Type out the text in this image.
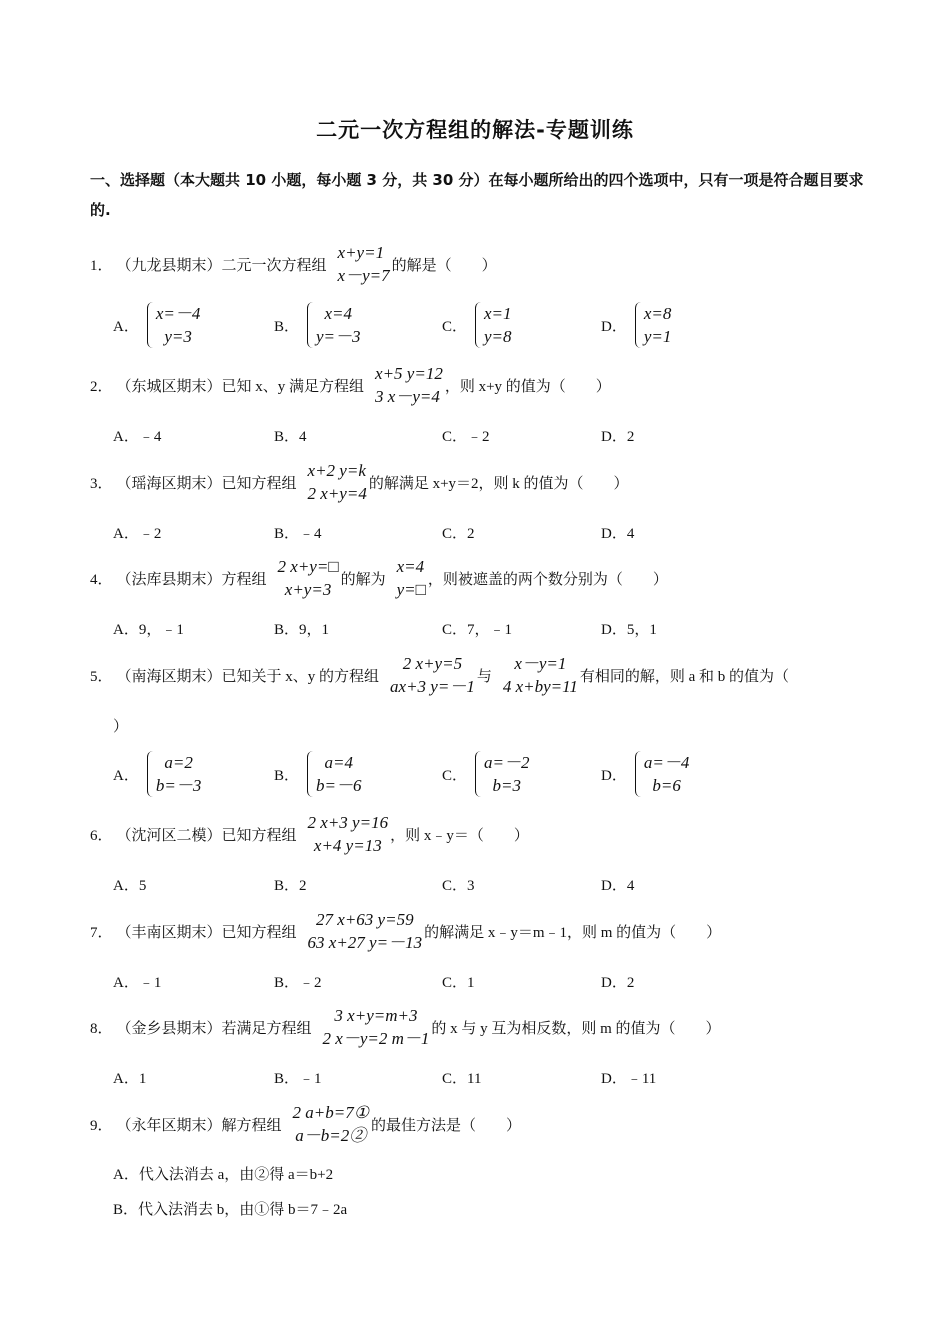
二元一次方程组的解法-专题训练
一、选择题（本大题共 10 小题，每小题 3 分，共 30 分）在每小题所给出的四个选项中，只有一项是符合题目要求的.
1． （九龙县期末）二元一次方程组
x+y=1
x－y=7
的解是（　　）
A．
x=－4
y=3
B．
x=4
y=－3
C．
x=1
y=8
D．
x=8
y=1
2． （东城区期末）已知 x、y 满足方程组
x+5 y=12
3 x－y=4
，则 x+y 的值为（　　）
A．﹣4	B．4	C．﹣2	D．2
3． （瑶海区期末）已知方程组
x+2 y=k
2 x+y=4
的解满足 x+y＝2，则 k 的值为（　　）
A．﹣2	B．﹣4	C．2	D．4
4． （法库县期末）方程组
2 x+y=□
x+y=3
的解为
x=4
y=□
，则被遮盖的两个数分别为（　　）
A．9，﹣1	B．9，1	C．7，﹣1	D．5，1
5． （南海区期末）已知关于 x、y 的方程组
2 x+y=5
ax+3 y=－1
与
x－y=1
4 x+by=11
有相同的解，则 a 和 b 的值为（
）
A．
a=2
b=－3
B．
a=4
b=－6
C．
a=－2
b=3
D．
a=－4
b=6
6． （沈河区二模）已知方程组
2 x+3 y=16
x+4 y=13
，则 x﹣y＝（　　）
A．5	B．2	C．3	D．4
7． （丰南区期末）已知方程组
27 x+63 y=59
63 x+27 y=－13
的解满足 x﹣y＝m﹣1，则 m 的值为（　　）
A．﹣1	B．﹣2	C．1	D．2
8． （金乡县期末）若满足方程组
3 x+y=m+3
2 x－y=2 m－1
的 x 与 y 互为相反数，则 m 的值为（　　）
A．1	B．﹣1	C．11	D．﹣11
9． （永年区期末）解方程组
2 a+b=7①
a－b=2②
的最佳方法是（　　）
A．代入法消去 a，由②得 a＝b+2
B．代入法消去 b，由①得 b＝7﹣2a
